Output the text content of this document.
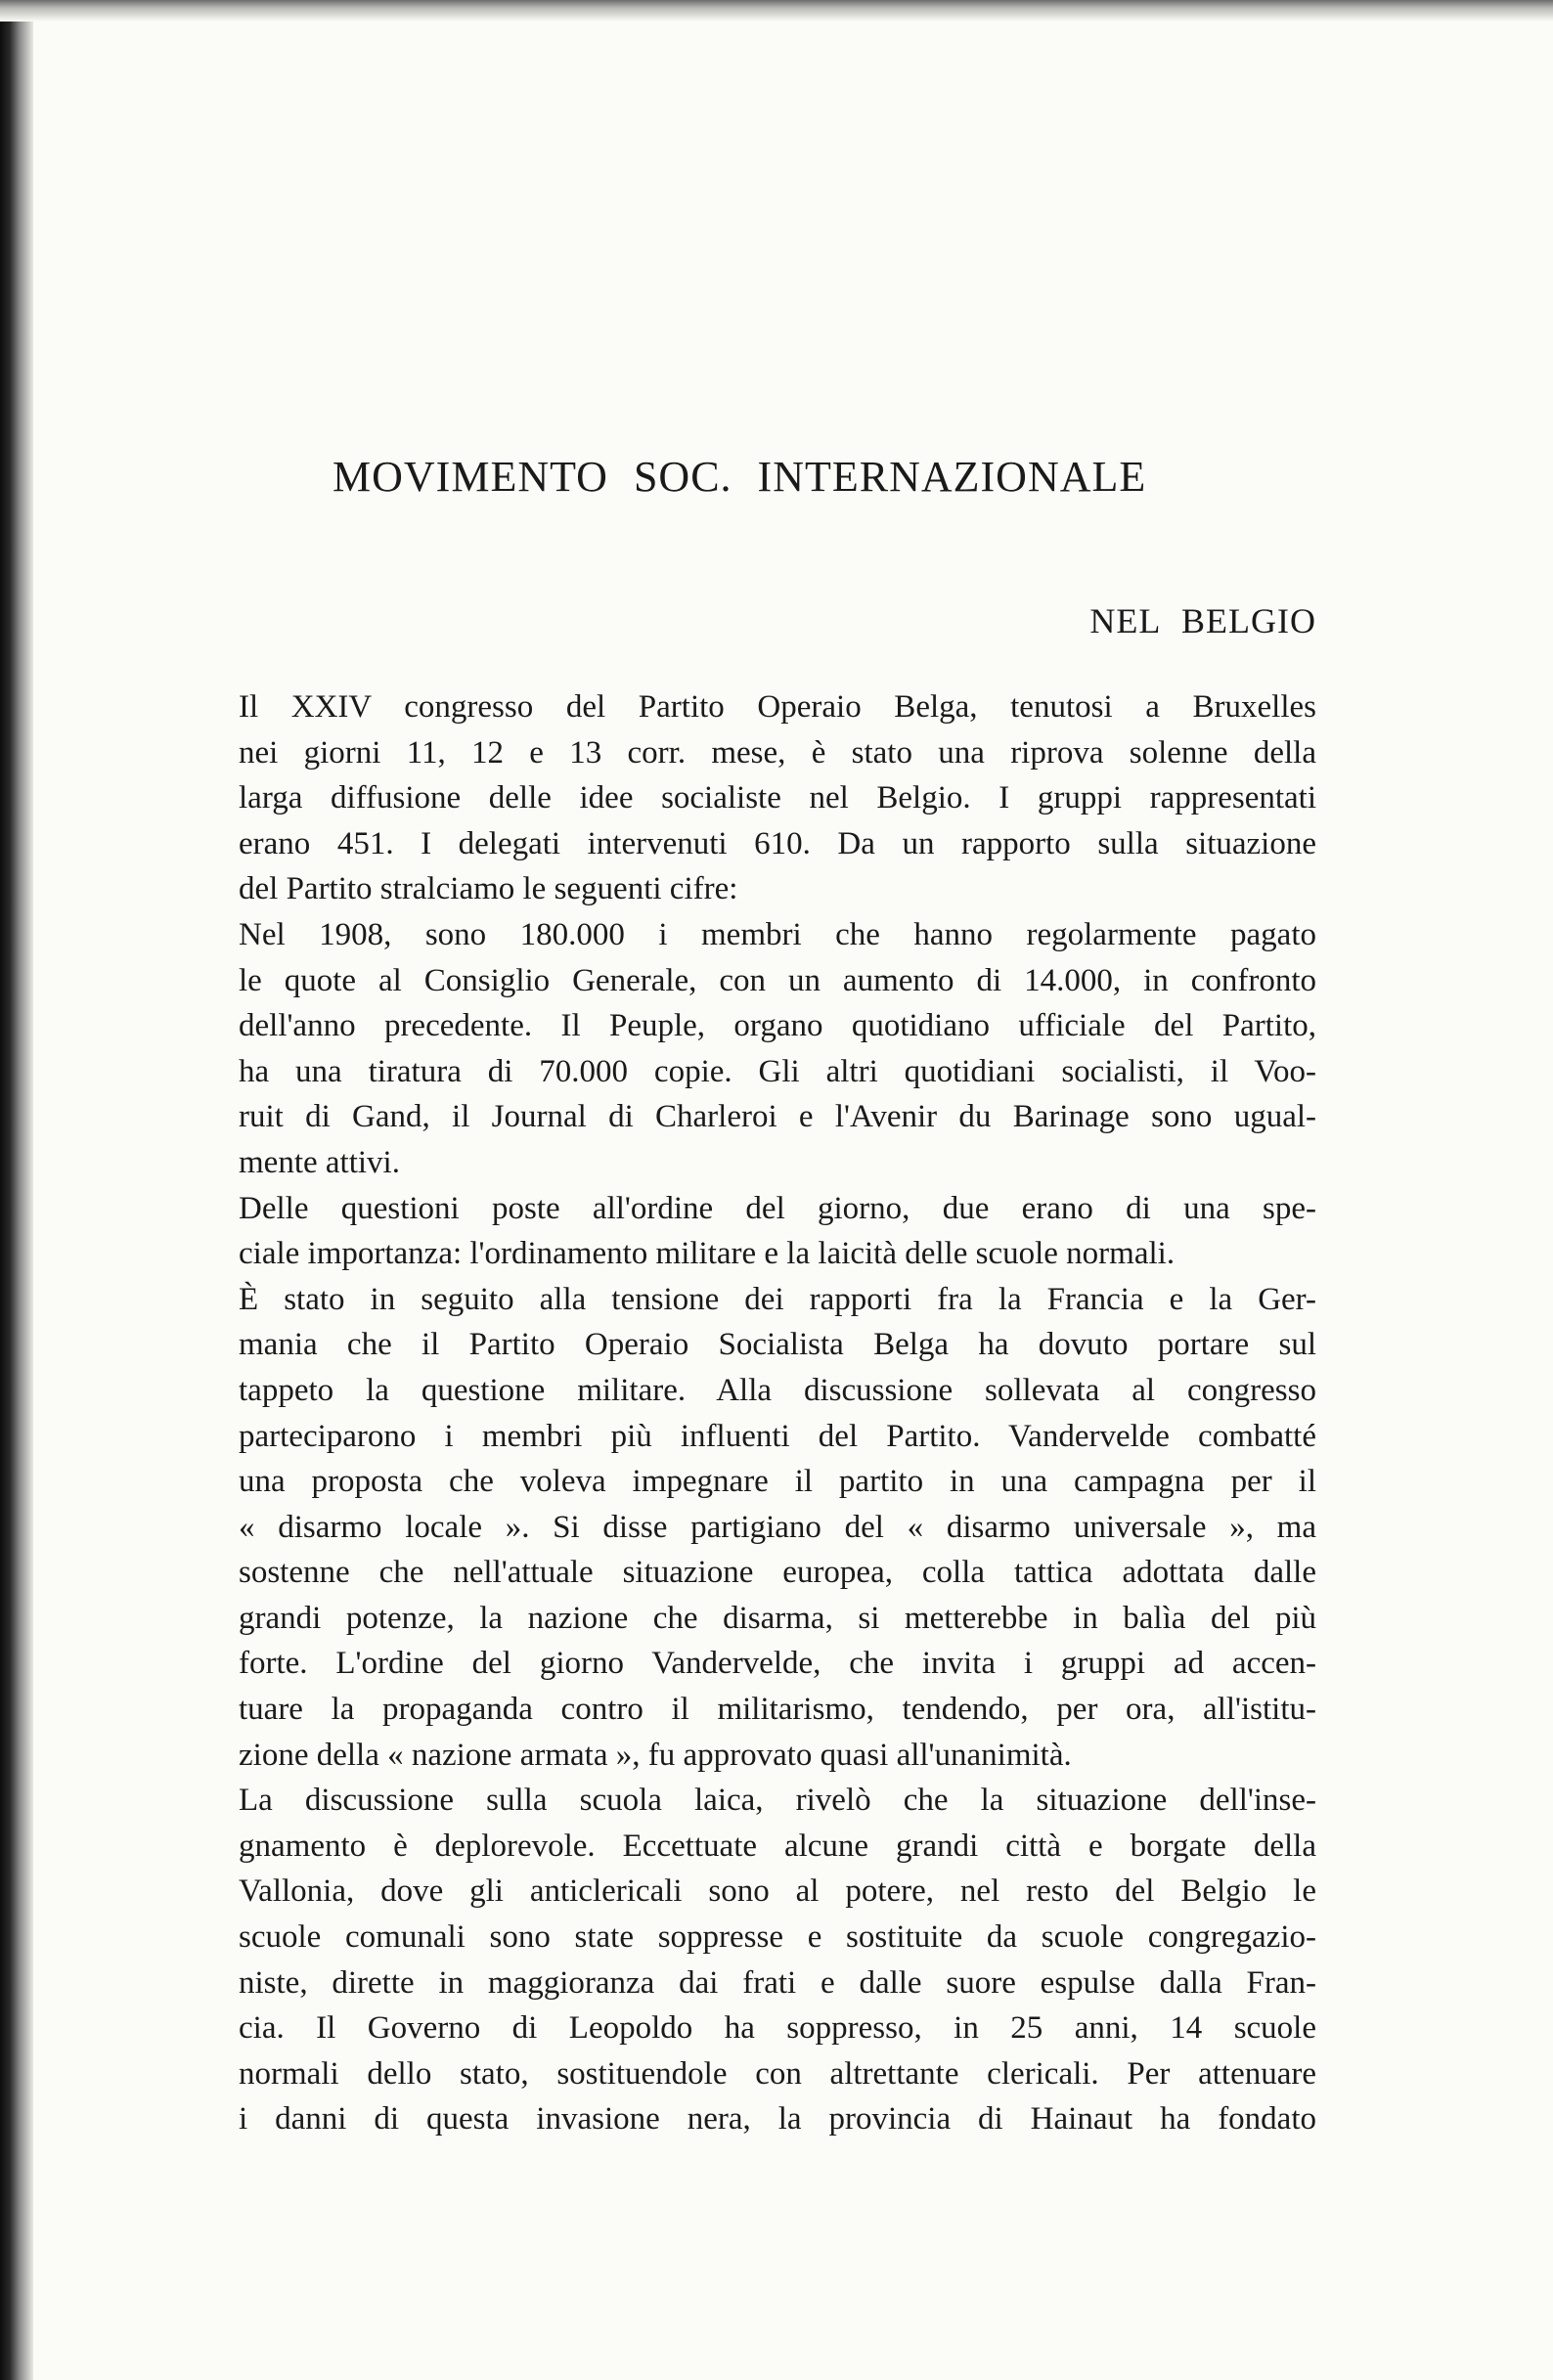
MOVIMENTO SOC. INTERNAZIONALE
NEL BELGIO
Il XXIV congresso del Partito Operaio Belga, tenutosi a Bruxelles
nei giorni 11, 12 e 13 corr. mese, è stato una riprova solenne della
larga diffusione delle idee socialiste nel Belgio. I gruppi rappresentati
erano 451. I delegati intervenuti 610. Da un rapporto sulla situazione
del Partito stralciamo le seguenti cifre:
Nel 1908, sono 180.000 i membri che hanno regolarmente pagato
le quote al Consiglio Generale, con un aumento di 14.000, in confronto
dell'anno precedente. Il Peuple, organo quotidiano ufficiale del Partito,
ha una tiratura di 70.000 copie. Gli altri quotidiani socialisti, il Voo-
ruit di Gand, il Journal di Charleroi e l'Avenir du Barinage sono ugual-
mente attivi.
Delle questioni poste all'ordine del giorno, due erano di una spe-
ciale importanza: l'ordinamento militare e la laicità delle scuole normali.
È stato in seguito alla tensione dei rapporti fra la Francia e la Ger-
mania che il Partito Operaio Socialista Belga ha dovuto portare sul
tappeto la questione militare. Alla discussione sollevata al congresso
parteciparono i membri più influenti del Partito. Vandervelde combatté
una proposta che voleva impegnare il partito in una campagna per il
« disarmo locale ». Si disse partigiano del « disarmo universale », ma
sostenne che nell'attuale situazione europea, colla tattica adottata dalle
grandi potenze, la nazione che disarma, si metterebbe in balìa del più
forte. L'ordine del giorno Vandervelde, che invita i gruppi ad accen-
tuare la propaganda contro il militarismo, tendendo, per ora, all'istitu-
zione della « nazione armata », fu approvato quasi all'unanimità.
La discussione sulla scuola laica, rivelò che la situazione dell'inse-
gnamento è deplorevole. Eccettuate alcune grandi città e borgate della
Vallonia, dove gli anticlericali sono al potere, nel resto del Belgio le
scuole comunali sono state soppresse e sostituite da scuole congregazio-
niste, dirette in maggioranza dai frati e dalle suore espulse dalla Fran-
cia. Il Governo di Leopoldo ha soppresso, in 25 anni, 14 scuole
normali dello stato, sostituendole con altrettante clericali. Per attenuare
i danni di questa invasione nera, la provincia di Hainaut ha fondato
